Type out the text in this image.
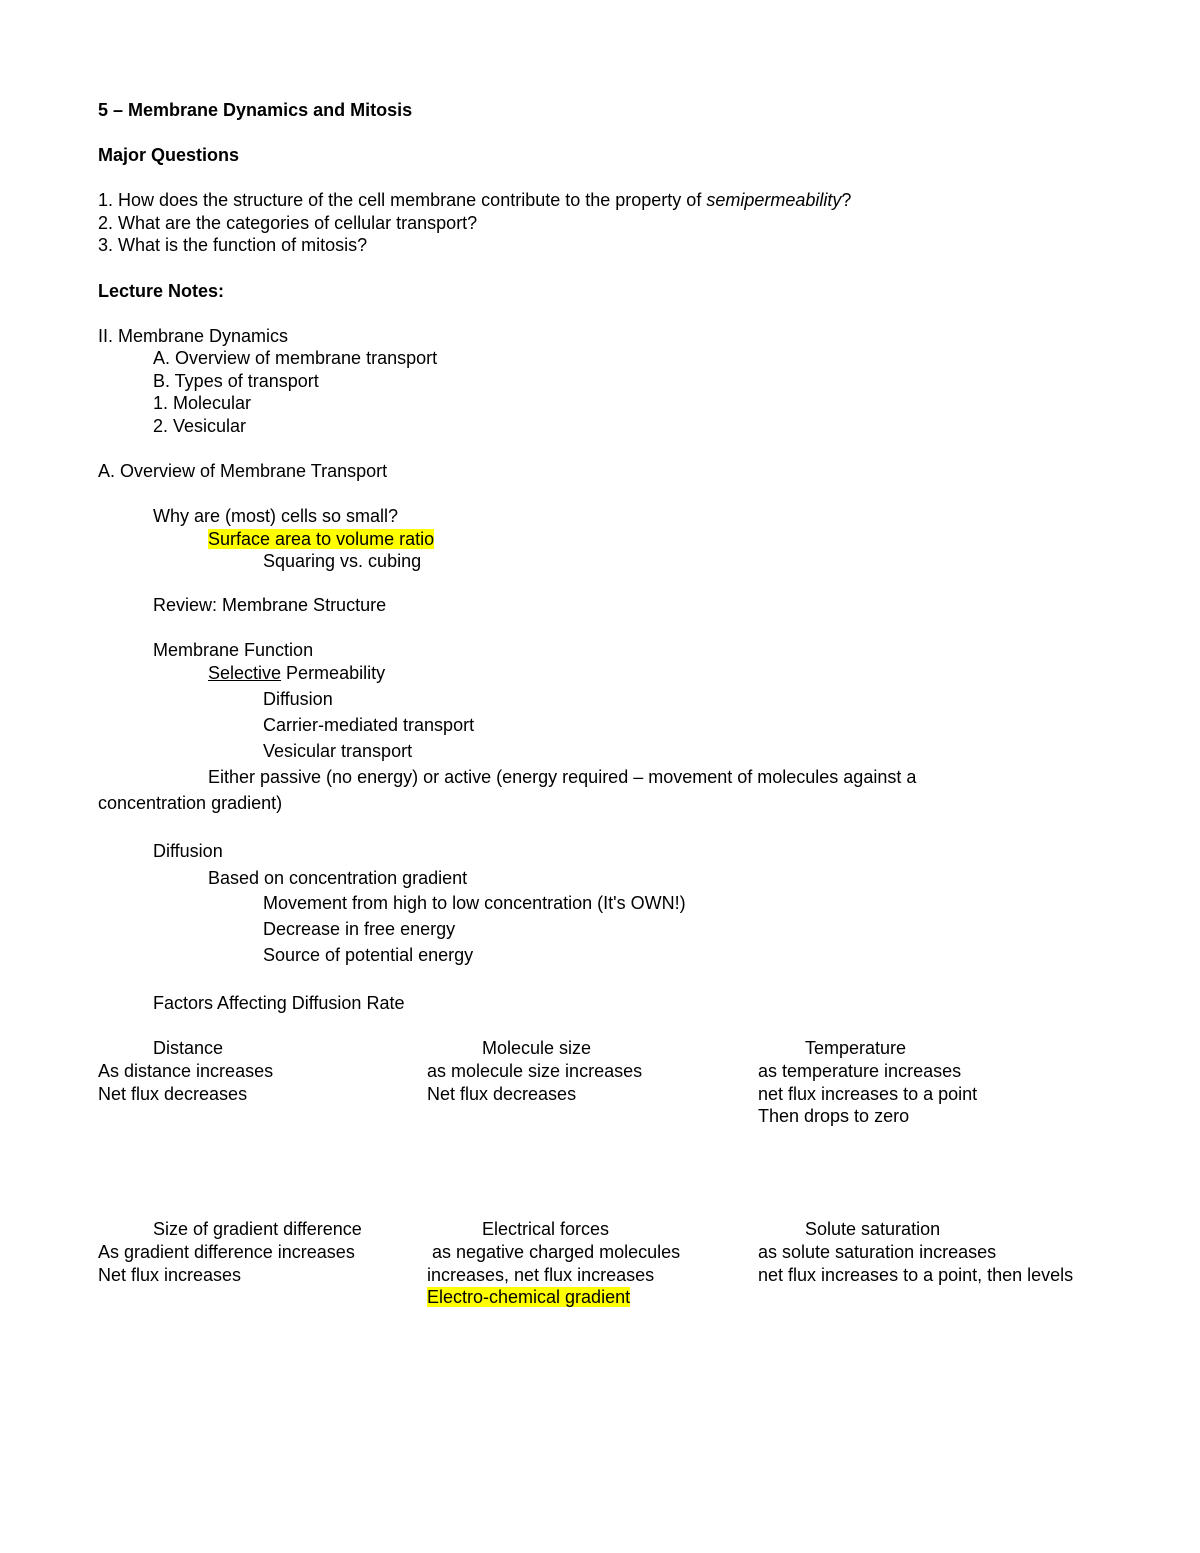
5 – Membrane Dynamics and Mitosis
Major Questions
1. How does the structure of the cell membrane contribute to the property of semipermeability?
2. What are the categories of cellular transport?
3. What is the function of mitosis?
Lecture Notes:
II. Membrane Dynamics
A. Overview of membrane transport
B. Types of transport
1. Molecular
2. Vesicular
A. Overview of Membrane Transport
Why are (most) cells so small?
Surface area to volume ratio
Squaring vs. cubing
Review: Membrane Structure
Membrane Function
Selective Permeability
Diffusion
Carrier-mediated transport
Vesicular transport
Either passive (no energy) or active (energy required – movement of molecules against a
concentration gradient)
Diffusion
Based on concentration gradient
Movement from high to low concentration (It's OWN!)
Decrease in free energy
Source of potential energy
Factors Affecting Diffusion Rate
Distance
As distance increases
Net flux decreases
Molecule size
as molecule size increases
Net flux decreases
Temperature
as temperature increases
net flux increases to a point
Then drops to zero
Size of gradient difference
As gradient difference increases
Net flux increases
Electrical forces
as negative charged molecules
increases, net flux increases
Electro-chemical gradient
Solute saturation
as solute saturation increases
net flux increases to a point, then levels
